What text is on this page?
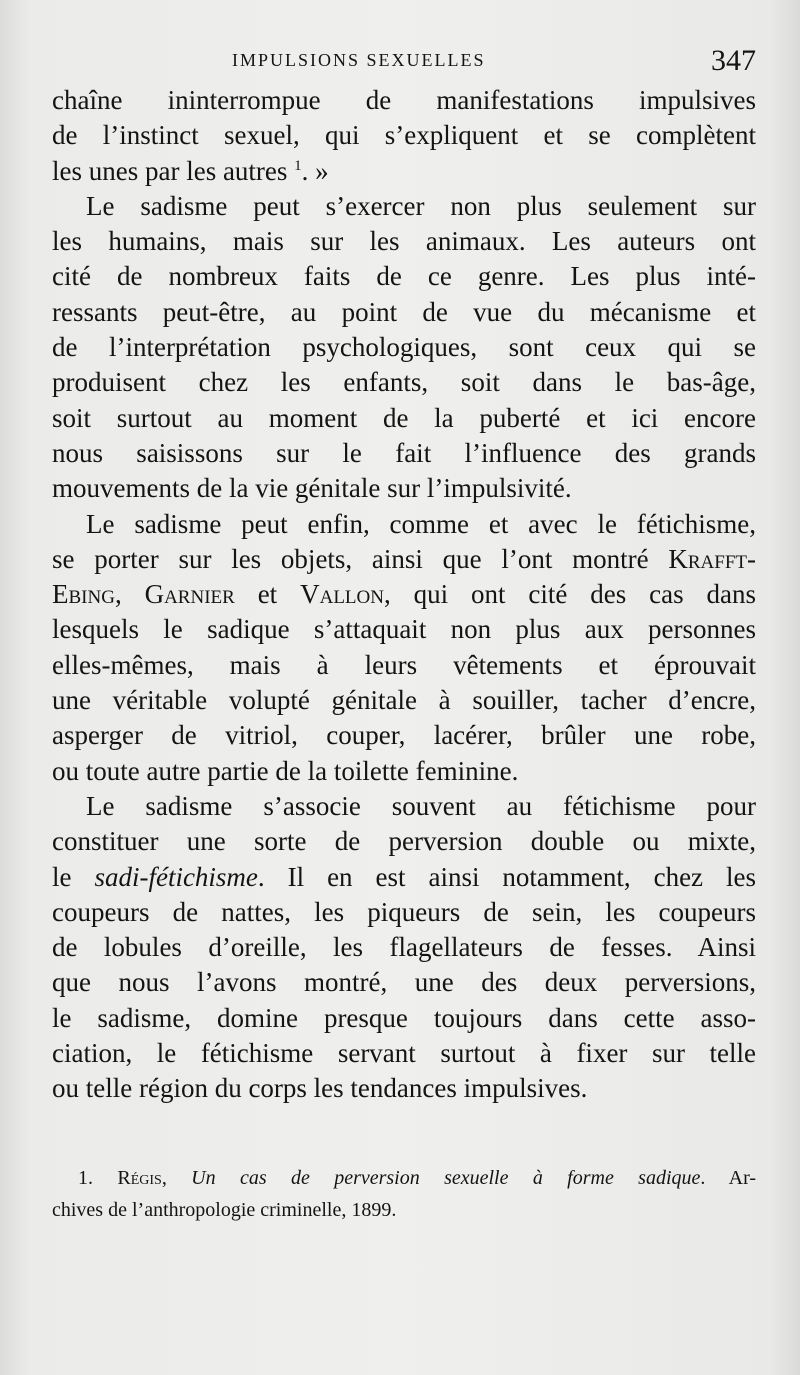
IMPULSIONS SEXUELLES	347
chaîne ininterrompue de manifestations impulsives
de l’instinct sexuel, qui s’expliquent et se complètent
les unes par les autres $^1$. »
Le sadisme peut s’exercer non plus seulement sur
les humains, mais sur les animaux. Les auteurs ont
cité de nombreux faits de ce genre. Les plus inté-
ressants peut-être, au point de vue du mécanisme et
de l’interprétation psychologiques, sont ceux qui se
produisent chez les enfants, soit dans le bas-âge,
soit surtout au moment de la puberté et ici encore
nous saisissons sur le fait l’influence des grands
mouvements de la vie génitale sur l’impulsivité.
Le sadisme peut enfin, comme et avec le fétichisme,
se porter sur les objets, ainsi que l’ont montré Krafft-
Ebing, Garnier et Vallon, qui ont cité des cas dans
lesquels le sadique s’attaquait non plus aux personnes
elles-mêmes, mais à leurs vêtements et éprouvait
une véritable volupté génitale à souiller, tacher d’encre,
asperger de vitriol, couper, lacérer, brûler une robe,
ou toute autre partie de la toilette feminine.
Le sadisme s’associe souvent au fétichisme pour
constituer une sorte de perversion double ou mixte,
le sadi-fétichisme. Il en est ainsi notamment, chez les
coupeurs de nattes, les piqueurs de sein, les coupeurs
de lobules d’oreille, les flagellateurs de fesses. Ainsi
que nous l’avons montré, une des deux perversions,
le sadisme, domine presque toujours dans cette asso-
ciation, le fétichisme servant surtout à fixer sur telle
ou telle région du corps les tendances impulsives.
1. Régis, Un cas de perversion sexuelle à forme sadique. Ar-
chives de l’anthropologie criminelle, 1899.
